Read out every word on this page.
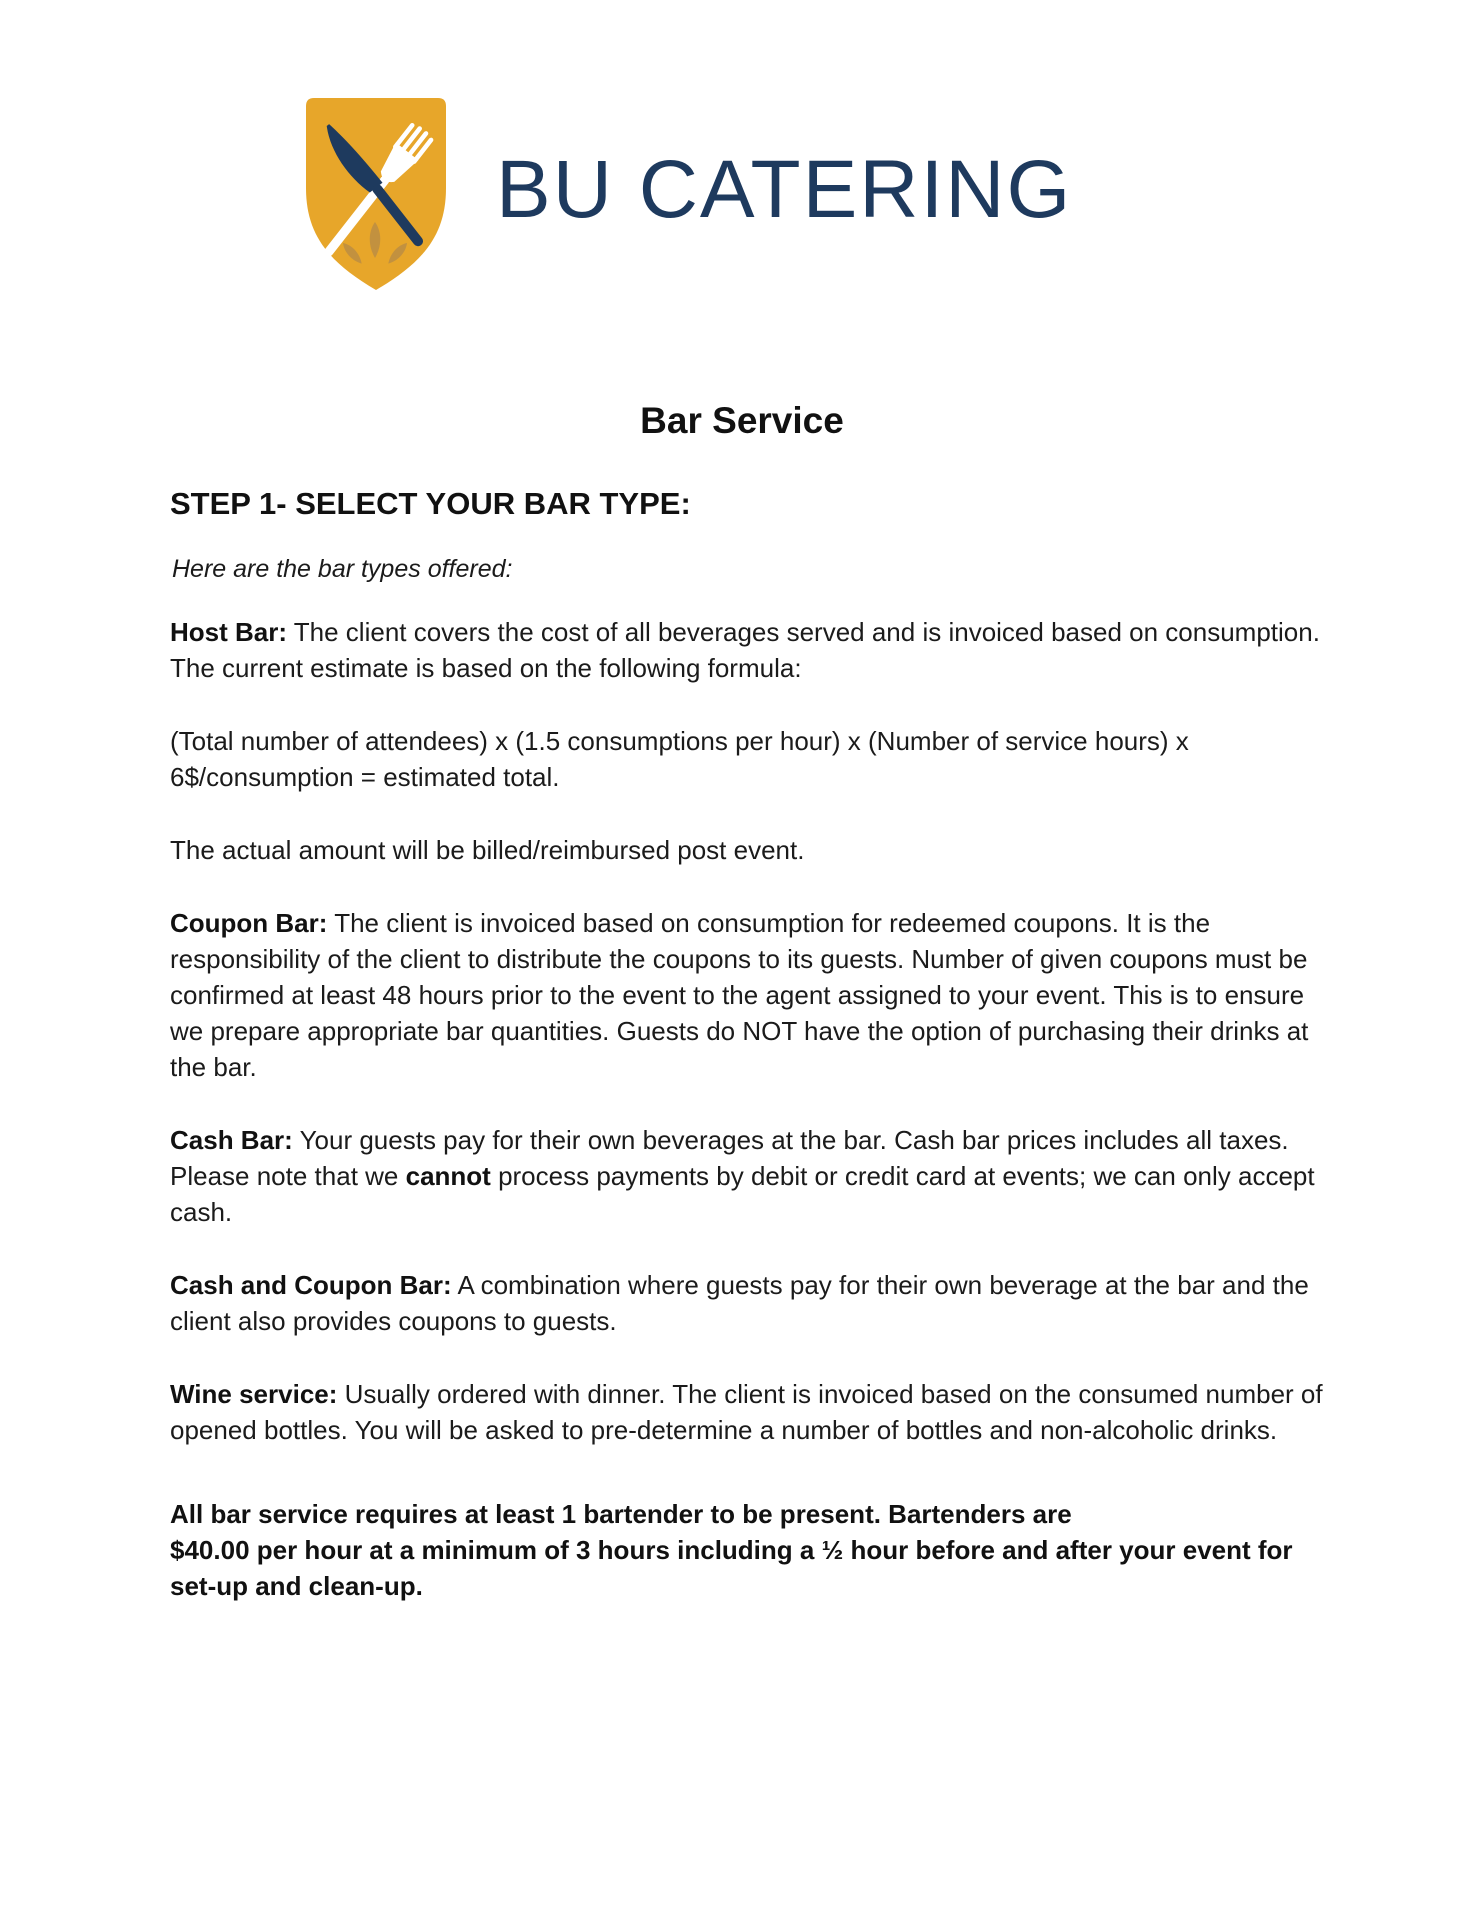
BU CATERING
Bar Service
STEP 1- SELECT YOUR BAR TYPE:

Here are the bar types offered:

Host Bar: The client covers the cost of all beverages served and is invoiced based on consumption. The current estimate is based on the following formula:

(Total number of attendees) x (1.5 consumptions per hour) x (Number of service hours) x 6$/consumption = estimated total.

The actual amount will be billed/reimbursed post event.

Coupon Bar: The client is invoiced based on consumption for redeemed coupons. It is the responsibility of the client to distribute the coupons to its guests. Number of given coupons must be confirmed at least 48 hours prior to the event to the agent assigned to your event. This is to ensure we prepare appropriate bar quantities. Guests do NOT have the option of purchasing their drinks at the bar.

Cash Bar: Your guests pay for their own beverages at the bar. Cash bar prices includes all taxes. Please note that we cannot process payments by debit or credit card at events; we can only accept cash.

Cash and Coupon Bar: A combination where guests pay for their own beverage at the bar and the client also provides coupons to guests.

Wine service: Usually ordered with dinner. The client is invoiced based on the consumed number of opened bottles. You will be asked to pre-determine a number of bottles and non-alcoholic drinks.

All bar service requires at least 1 bartender to be present. Bartenders are
$40.00 per hour at a minimum of 3 hours including a ½ hour before and after your event for set-up and clean-up.
